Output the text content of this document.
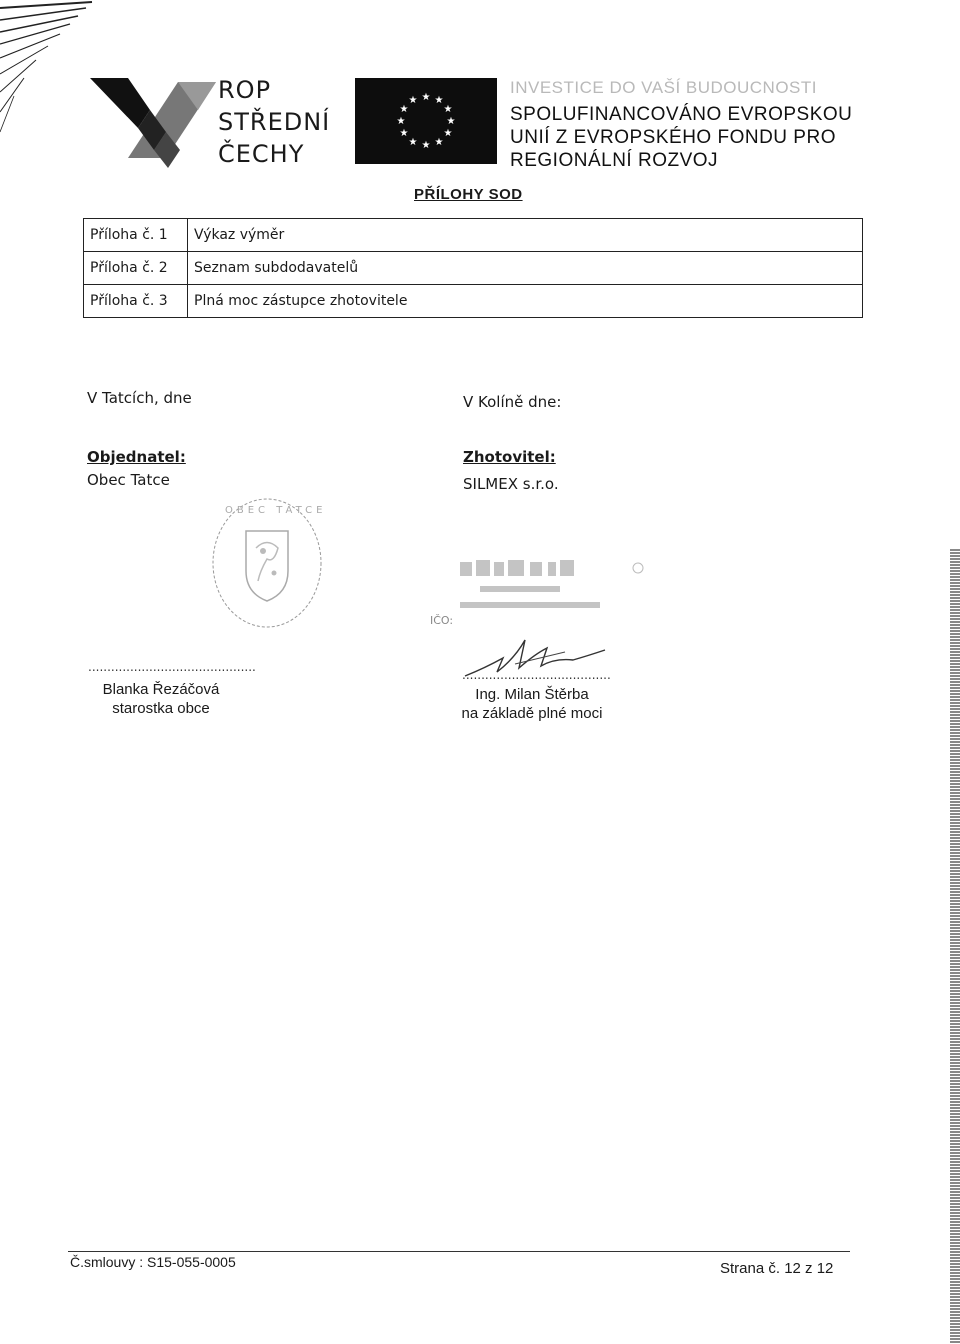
ROP
STŘEDNÍ
ČECHY
★ ★
★
★
★
★
★
★
★
★
★
★
INVESTICE DO VAŠÍ BUDOUCNOSTI
SPOLUFINANCOVÁNO EVROPSKOU
UNIÍ Z EVROPSKÉHO FONDU PRO
REGIONÁLNÍ ROZVOJ
PŘÍLOHY SOD
Příloha č. 1	Výkaz výměr
Příloha č. 2	Seznam subdodavatelů
Příloha č. 3	Plná moc zástupce zhotovitele
V Tatcích, dne
Objednatel:
Obec Tatce
OBEC TATCE
............................................
Blanka Řezáčová
starostka obce
V Kolíně dne:
Zhotovitel:
SILMEX s.r.o.
IČO:
.......................................
Ing. Milan Štěrba
na základě plné moci
Č.smlouvy : S15-055-0005	Strana č. 12 z 12
